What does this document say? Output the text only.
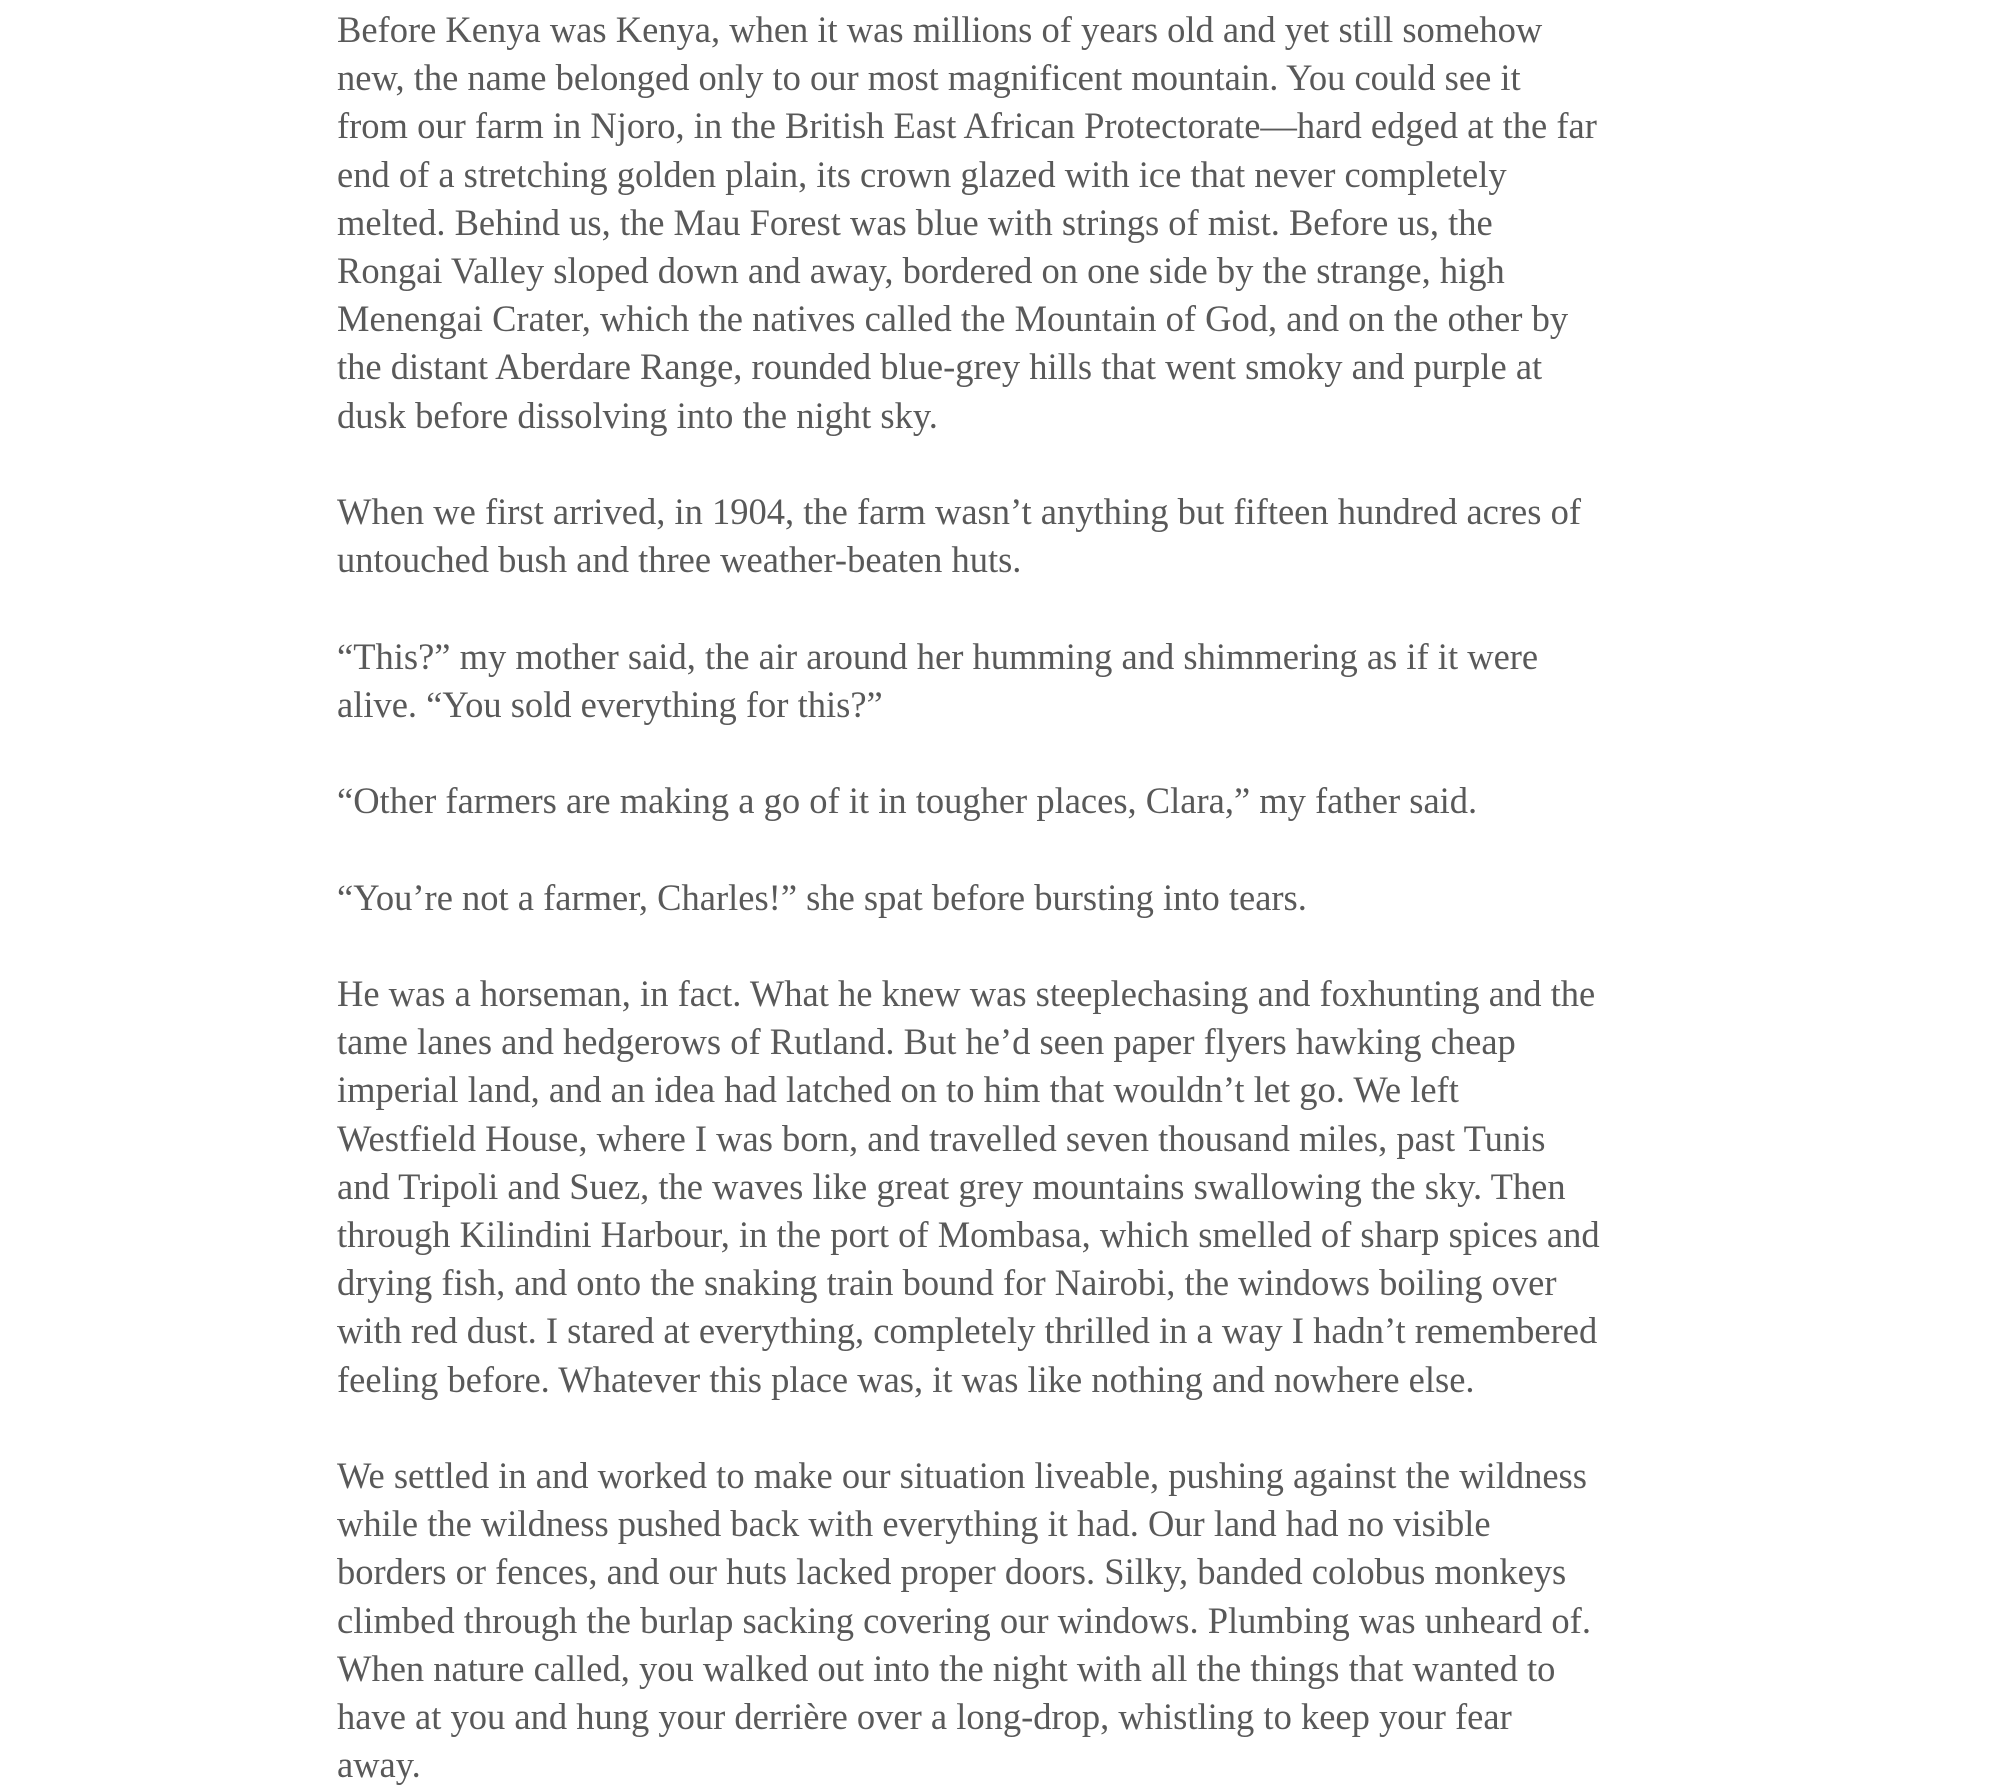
Before Kenya was Kenya, when it was millions of years old and yet still somehow
new, the name belonged only to our most magnificent mountain. You could see it
from our farm in Njoro, in the British East African Protectorate—hard edged at the far
end of a stretching golden plain, its crown glazed with ice that never completely
melted. Behind us, the Mau Forest was blue with strings of mist. Before us, the
Rongai Valley sloped down and away, bordered on one side by the strange, high
Menengai Crater, which the natives called the Mountain of God, and on the other by
the distant Aberdare Range, rounded blue-grey hills that went smoky and purple at
dusk before dissolving into the night sky.

When we first arrived, in 1904, the farm wasn’t anything but fifteen hundred acres of
untouched bush and three weather-beaten huts.

“This?” my mother said, the air around her humming and shimmering as if it were
alive. “You sold everything for this?”

“Other farmers are making a go of it in tougher places, Clara,” my father said.

“You’re not a farmer, Charles!” she spat before bursting into tears.

He was a horseman, in fact. What he knew was steeplechasing and foxhunting and the
tame lanes and hedgerows of Rutland. But he’d seen paper flyers hawking cheap
imperial land, and an idea had latched on to him that wouldn’t let go. We left
Westfield House, where I was born, and travelled seven thousand miles, past Tunis
and Tripoli and Suez, the waves like great grey mountains swallowing the sky. Then
through Kilindini Harbour, in the port of Mombasa, which smelled of sharp spices and
drying fish, and onto the snaking train bound for Nairobi, the windows boiling over
with red dust. I stared at everything, completely thrilled in a way I hadn’t remembered
feeling before. Whatever this place was, it was like nothing and nowhere else.

We settled in and worked to make our situation liveable, pushing against the wildness
while the wildness pushed back with everything it had. Our land had no visible
borders or fences, and our huts lacked proper doors. Silky, banded colobus monkeys
climbed through the burlap sacking covering our windows. Plumbing was unheard of.
When nature called, you walked out into the night with all the things that wanted to
have at you and hung your derrière over a long-drop, whistling to keep your fear
away.
